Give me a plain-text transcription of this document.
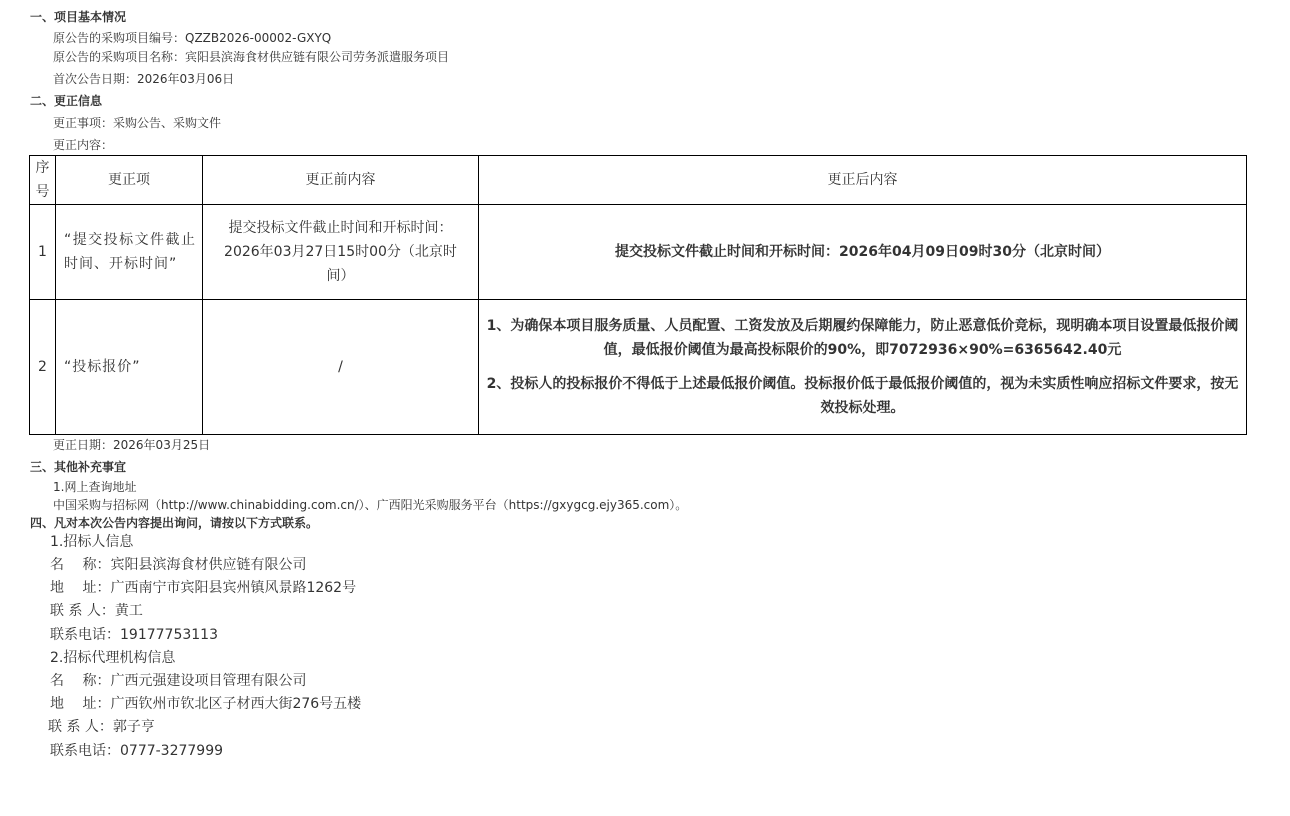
一、项目基本情况
原公告的采购项目编号：QZZB2026-00002-GXYQ
原公告的采购项目名称：宾阳县滨海食材供应链有限公司劳务派遣服务项目
首次公告日期：2026年03月06日
二、更正信息
更正事项：采购公告、采购文件
更正内容：
序号	更正项	更正前内容	更正后内容
1	“提交投标文件截止时间、开标时间”	提交投标文件截止时间和开标时间：2026年03月27日15时00分（北京时间）	提交投标文件截止时间和开标时间：2026年04月09日09时30分（北京时间）
2	“投标报价”	/	1、为确保本项目服务质量、人员配置、工资发放及后期履约保障能力，防止恶意低价竞标，现明确本项目设置最低报价阈值，最低报价阈值为最高投标限价的90%，即7072936×90%=6365642.40元
2、投标人的投标报价不得低于上述最低报价阈值。投标报价低于最低报价阈值的，视为未实质性响应招标文件要求，按无效投标处理。
更正日期：2026年03月25日
三、其他补充事宜
1.网上查询地址
中国采购与招标网（http://www.chinabidding.com.cn/）、广西阳光采购服务平台（https://gxygcg.ejy365.com）。
四、凡对本次公告内容提出询问，请按以下方式联系。
1.招标人信息
名　 称：宾阳县滨海食材供应链有限公司
地　 址：广西南宁市宾阳县宾州镇风景路1262号
联 系 人：黄工
联系电话：19177753113
2.招标代理机构信息
名　 称：广西元强建设项目管理有限公司
地　 址：广西钦州市钦北区子材西大街276号五楼
联 系 人：郭子亨
联系电话：0777-3277999
